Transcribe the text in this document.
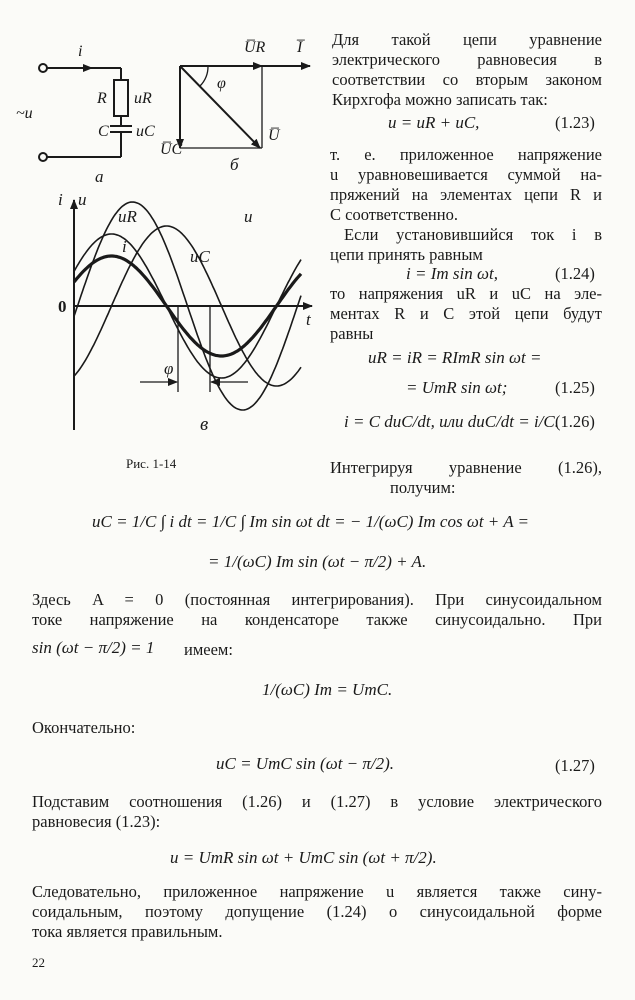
i
~u
R uR
C uC
а
U̅R I̅
φ
U̅C
U̅
б
i u
0
t
uR	u
i
uC
φ
в
Рис. 1-14
Для такой цепи уравнение
электрического равновесия в
соответствии со вторым законом
Кирхгофа можно записать так:
u = uR + uC,	(1.23)
т. е. приложенное напряжение
u уравновешивается суммой на-
пряжений на элементах цепи R и
C соответственно.
Если установившийся ток i в
цепи принять равным
i = Im sin ωt,	(1.24)
то напряжения uR и uC на эле-
ментах R и C этой цепи будут
равны
uR = iR = RImR sin ωt =
= UmR sin ωt;	(1.25)
i = C duC/dt, или duC/dt = i/C.
(1.26)
Интегрируя уравнение (1.26),
получим:
uC = 1/C ∫ i dt = 1/C ∫ Im sin ωt dt = − 1/(ωC) Im cos ωt + A =
= 1/(ωC) Im sin (ωt − π/2) + A.
Здесь A = 0 (постоянная интегрирования). При синусоидальном
токе напряжение на конденсаторе также синусоидально. При
sin (ωt − π/2) = 1 имеем:
1/(ωC) Im = UmC.
Окончательно:
uC = UmC sin (ωt − π/2).	(1.27)
Подставим соотношения (1.26) и (1.27) в условие электрического
равновесия (1.23):
u = UmR sin ωt + UmC sin (ωt + π/2).
Следовательно, приложенное напряжение u является также сину-
соидальным, поэтому допущение (1.24) о синусоидальной форме
тока является правильным.
22
